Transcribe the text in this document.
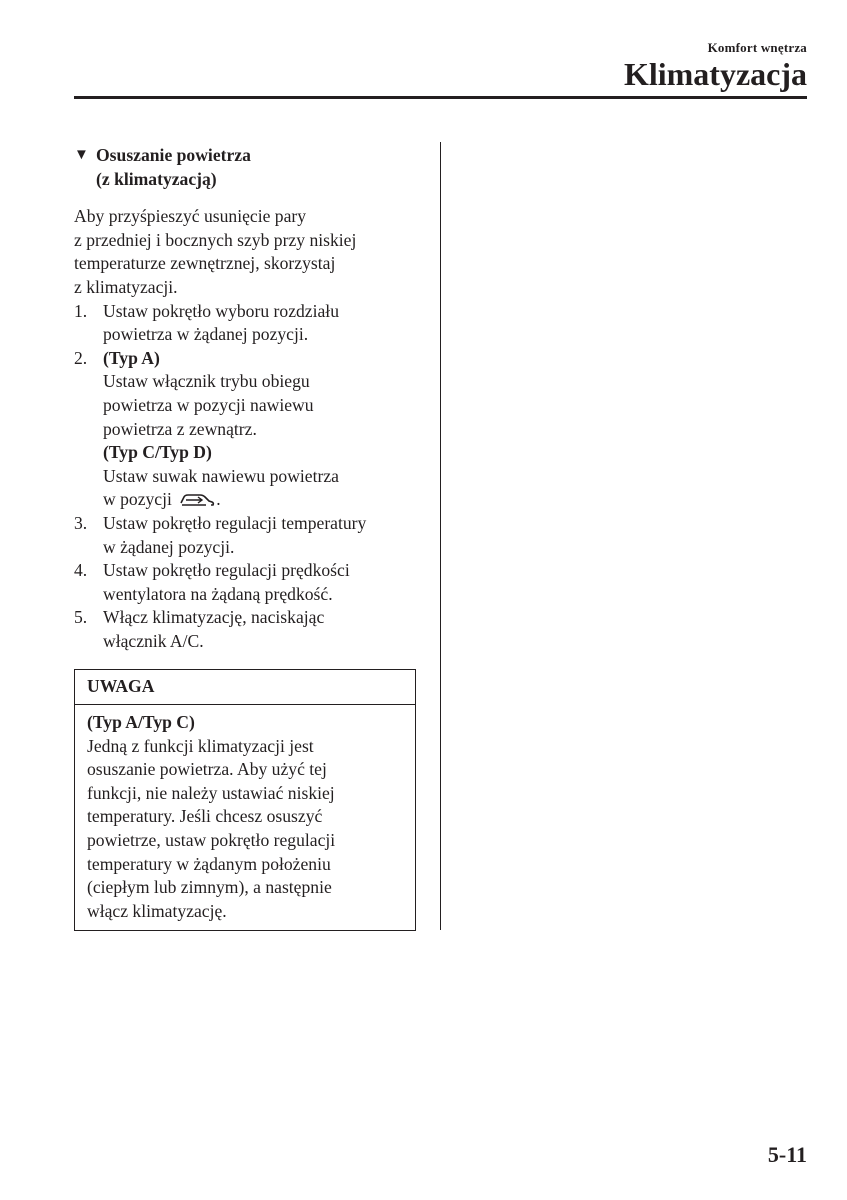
Komfort wnętrza
Klimatyzacja
▼ Osuszanie powietrza
(z klimatyzacją)
Aby przyśpieszyć usunięcie pary
z przedniej i bocznych szyb przy niskiej
temperaturze zewnętrznej, skorzystaj
z klimatyzacji.
1. Ustaw pokrętło wyboru rozdziału
powietrza w żądanej pozycji.
2. (Typ A)
Ustaw włącznik trybu obiegu
powietrza w pozycji nawiewu
powietrza z zewnątrz.
(Typ C/Typ D)
Ustaw suwak nawiewu powietrza
w pozycji	.
3. Ustaw pokrętło regulacji temperatury
w żądanej pozycji.
4. Ustaw pokrętło regulacji prędkości
wentylatora na żądaną prędkość.
5. Włącz klimatyzację, naciskając
włącznik A/C.
UWAGA
(Typ A/Typ C)
Jedną z funkcji klimatyzacji jest
osuszanie powietrza. Aby użyć tej
funkcji, nie należy ustawiać niskiej
temperatury. Jeśli chcesz osuszyć
powietrze, ustaw pokrętło regulacji
temperatury w żądanym położeniu
(ciepłym lub zimnym), a następnie
włącz klimatyzację.
5-11
